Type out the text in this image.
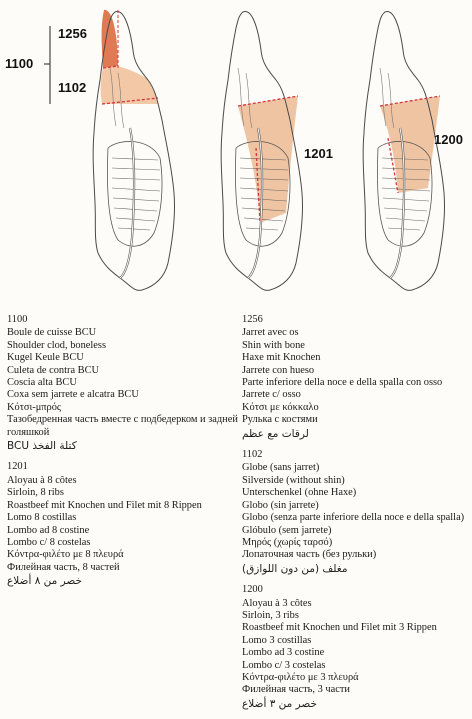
1256
1100
1102
1201
1200
1100
Boule de cuisse BCU
Shoulder clod, boneless
Kugel Keule BCU
Culeta de contra BCU
Coscia alta BCU
Coxa sem jarrete e alcatra BCU
Κότσι-μπρός
Тазобедренная часть вместе с подбедерком и задней голяшкой
BCU كتلة الفخذ
1201
Aloyau à 8 côtes
Sirloin, 8 ribs
Roastbeef mit Knochen und Filet mit 8 Rippen
Lomo 8 costillas
Lombo ad 8 costine
Lombo c/ 8 costelas
Κόντρα-φιλέτο με 8 πλευρά
Филейная часть, 8 частей
خصر من ٨ أضلاع
1256
Jarret avec os
Shin with bone
Haxe mit Knochen
Jarrete con hueso
Parte inferiore della noce e della spalla con osso
Jarrete c/ osso
Κότσι με κόκκαλο
Рулька с костями
لرقات مع عظم
1102
Globe (sans jarret)
Silverside (without shin)
Unterschenkel (ohne Haxe)
Globo (sin jarrete)
Globo (senza parte inferiore della noce e della spalla)
Glóbulo (sem jarrete)
Μηρός (χωρίς ταρσό)
Лопаточная часть (без рульки)
مغلف (من دون اللوازق)
1200
Aloyau à 3 côtes
Sirloin, 3 ribs
Roastbeef mit Knochen und Filet mit 3 Rippen
Lomo 3 costillas
Lombo ad 3 costine
Lombo c/ 3 costelas
Κόντρα-φιλέτο με 3 πλευρά
Филейная часть, 3 части
خصر من ٣ أضلاع
